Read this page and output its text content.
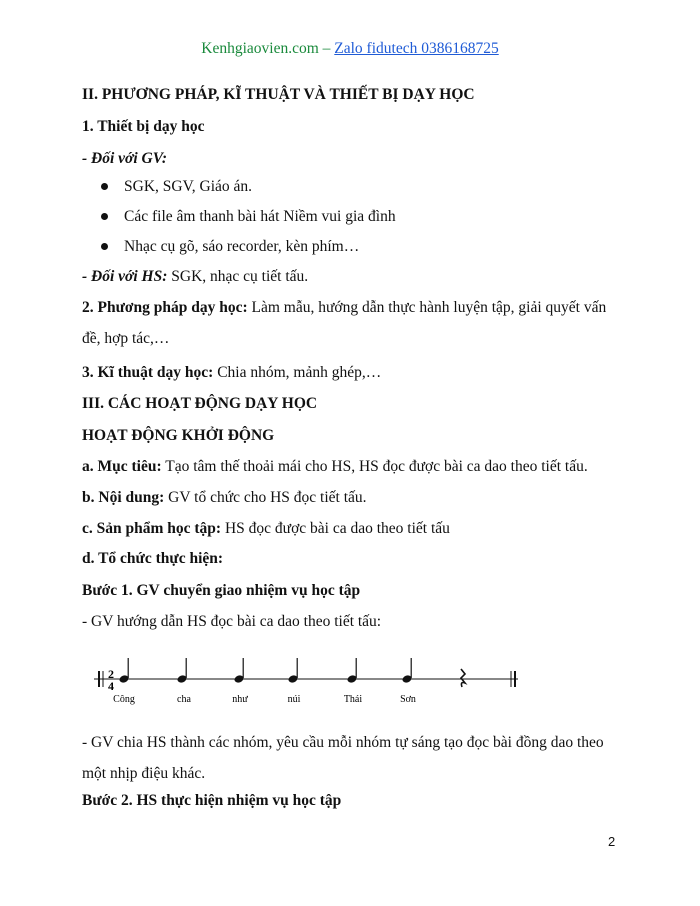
Kenhgiaovien.com – Zalo fidutech 0386168725
II. PHƯƠNG PHÁP, KĨ THUẬT VÀ THIẾT BỊ DẠY HỌC
1. Thiết bị dạy học
- Đối với GV:
SGK, SGV, Giáo án.
Các file âm thanh bài hát Niềm vui gia đình
Nhạc cụ gõ, sáo recorder, kèn phím…
- Đối với HS: SGK, nhạc cụ tiết tấu.
2. Phương pháp dạy học: Làm mẫu, hướng dẫn thực hành luyện tập, giải quyết vấn đề, hợp tác,…
3. Kĩ thuật dạy học: Chia nhóm, mảnh ghép,…
III. CÁC HOẠT ĐỘNG DẠY HỌC
HOẠT ĐỘNG KHỞI ĐỘNG
a. Mục tiêu: Tạo tâm thế thoải mái cho HS, HS đọc được bài ca dao theo tiết tấu.
b. Nội dung: GV tổ chức cho HS đọc tiết tấu.
c. Sản phẩm học tập: HS đọc được bài ca dao theo tiết tấu
d. Tổ chức thực hiện:
Bước 1. GV chuyển giao nhiệm vụ học tập
- GV hướng dẫn HS đọc bài ca dao theo tiết tấu:
2
4
Công	cha	như	núi	Thái	Sơn
- GV chia HS thành các nhóm, yêu cầu mỗi nhóm tự sáng tạo đọc bài đồng dao theo một nhịp điệu khác.
Bước 2. HS thực hiện nhiệm vụ học tập
2
